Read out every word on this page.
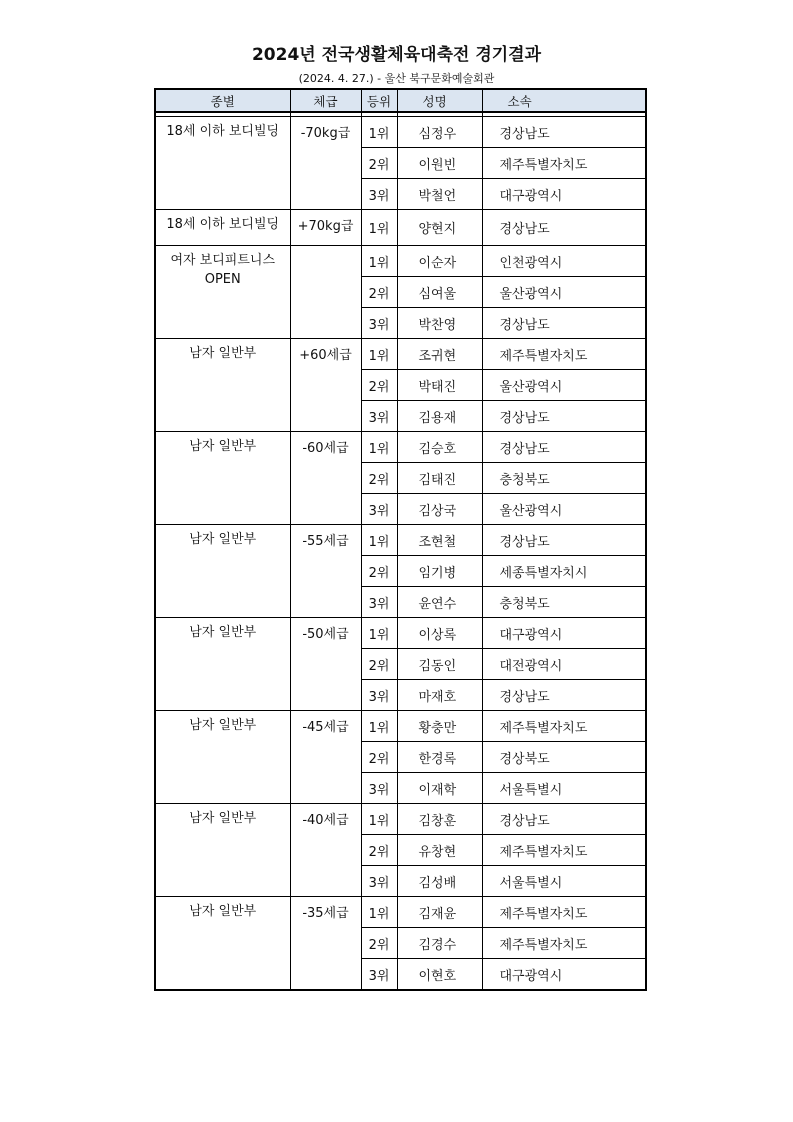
2024년 전국생활체육대축전 경기결과
(2024. 4. 27.) - 울산 북구문화예술회관
종별	체급	등위	성명	소속

18세 이하 보디빌딩	-70kg급	1위	심정우	경상남도
		2위	이원빈	제주특별자치도
		3위	박철언	대구광역시
18세 이하 보디빌딩	+70kg급	1위	양현지	경상남도
여자 보디피트니스 OPEN		1위	이순자	인천광역시
		2위	심여울	울산광역시
		3위	박찬영	경상남도
남자 일반부	+60세급	1위	조귀현	제주특별자치도
		2위	박태진	울산광역시
		3위	김용재	경상남도
남자 일반부	-60세급	1위	김승호	경상남도
		2위	김태진	충청북도
		3위	김상국	울산광역시
남자 일반부	-55세급	1위	조현철	경상남도
		2위	임기병	세종특별자치시
		3위	윤연수	충청북도
남자 일반부	-50세급	1위	이상록	대구광역시
		2위	김동인	대전광역시
		3위	마재호	경상남도
남자 일반부	-45세급	1위	황충만	제주특별자치도
		2위	한경록	경상북도
		3위	이재학	서울특별시
남자 일반부	-40세급	1위	김창훈	경상남도
		2위	유창현	제주특별자치도
		3위	김성배	서울특별시
남자 일반부	-35세급	1위	김재윤	제주특별자치도
		2위	김경수	제주특별자치도
		3위	이현호	대구광역시
